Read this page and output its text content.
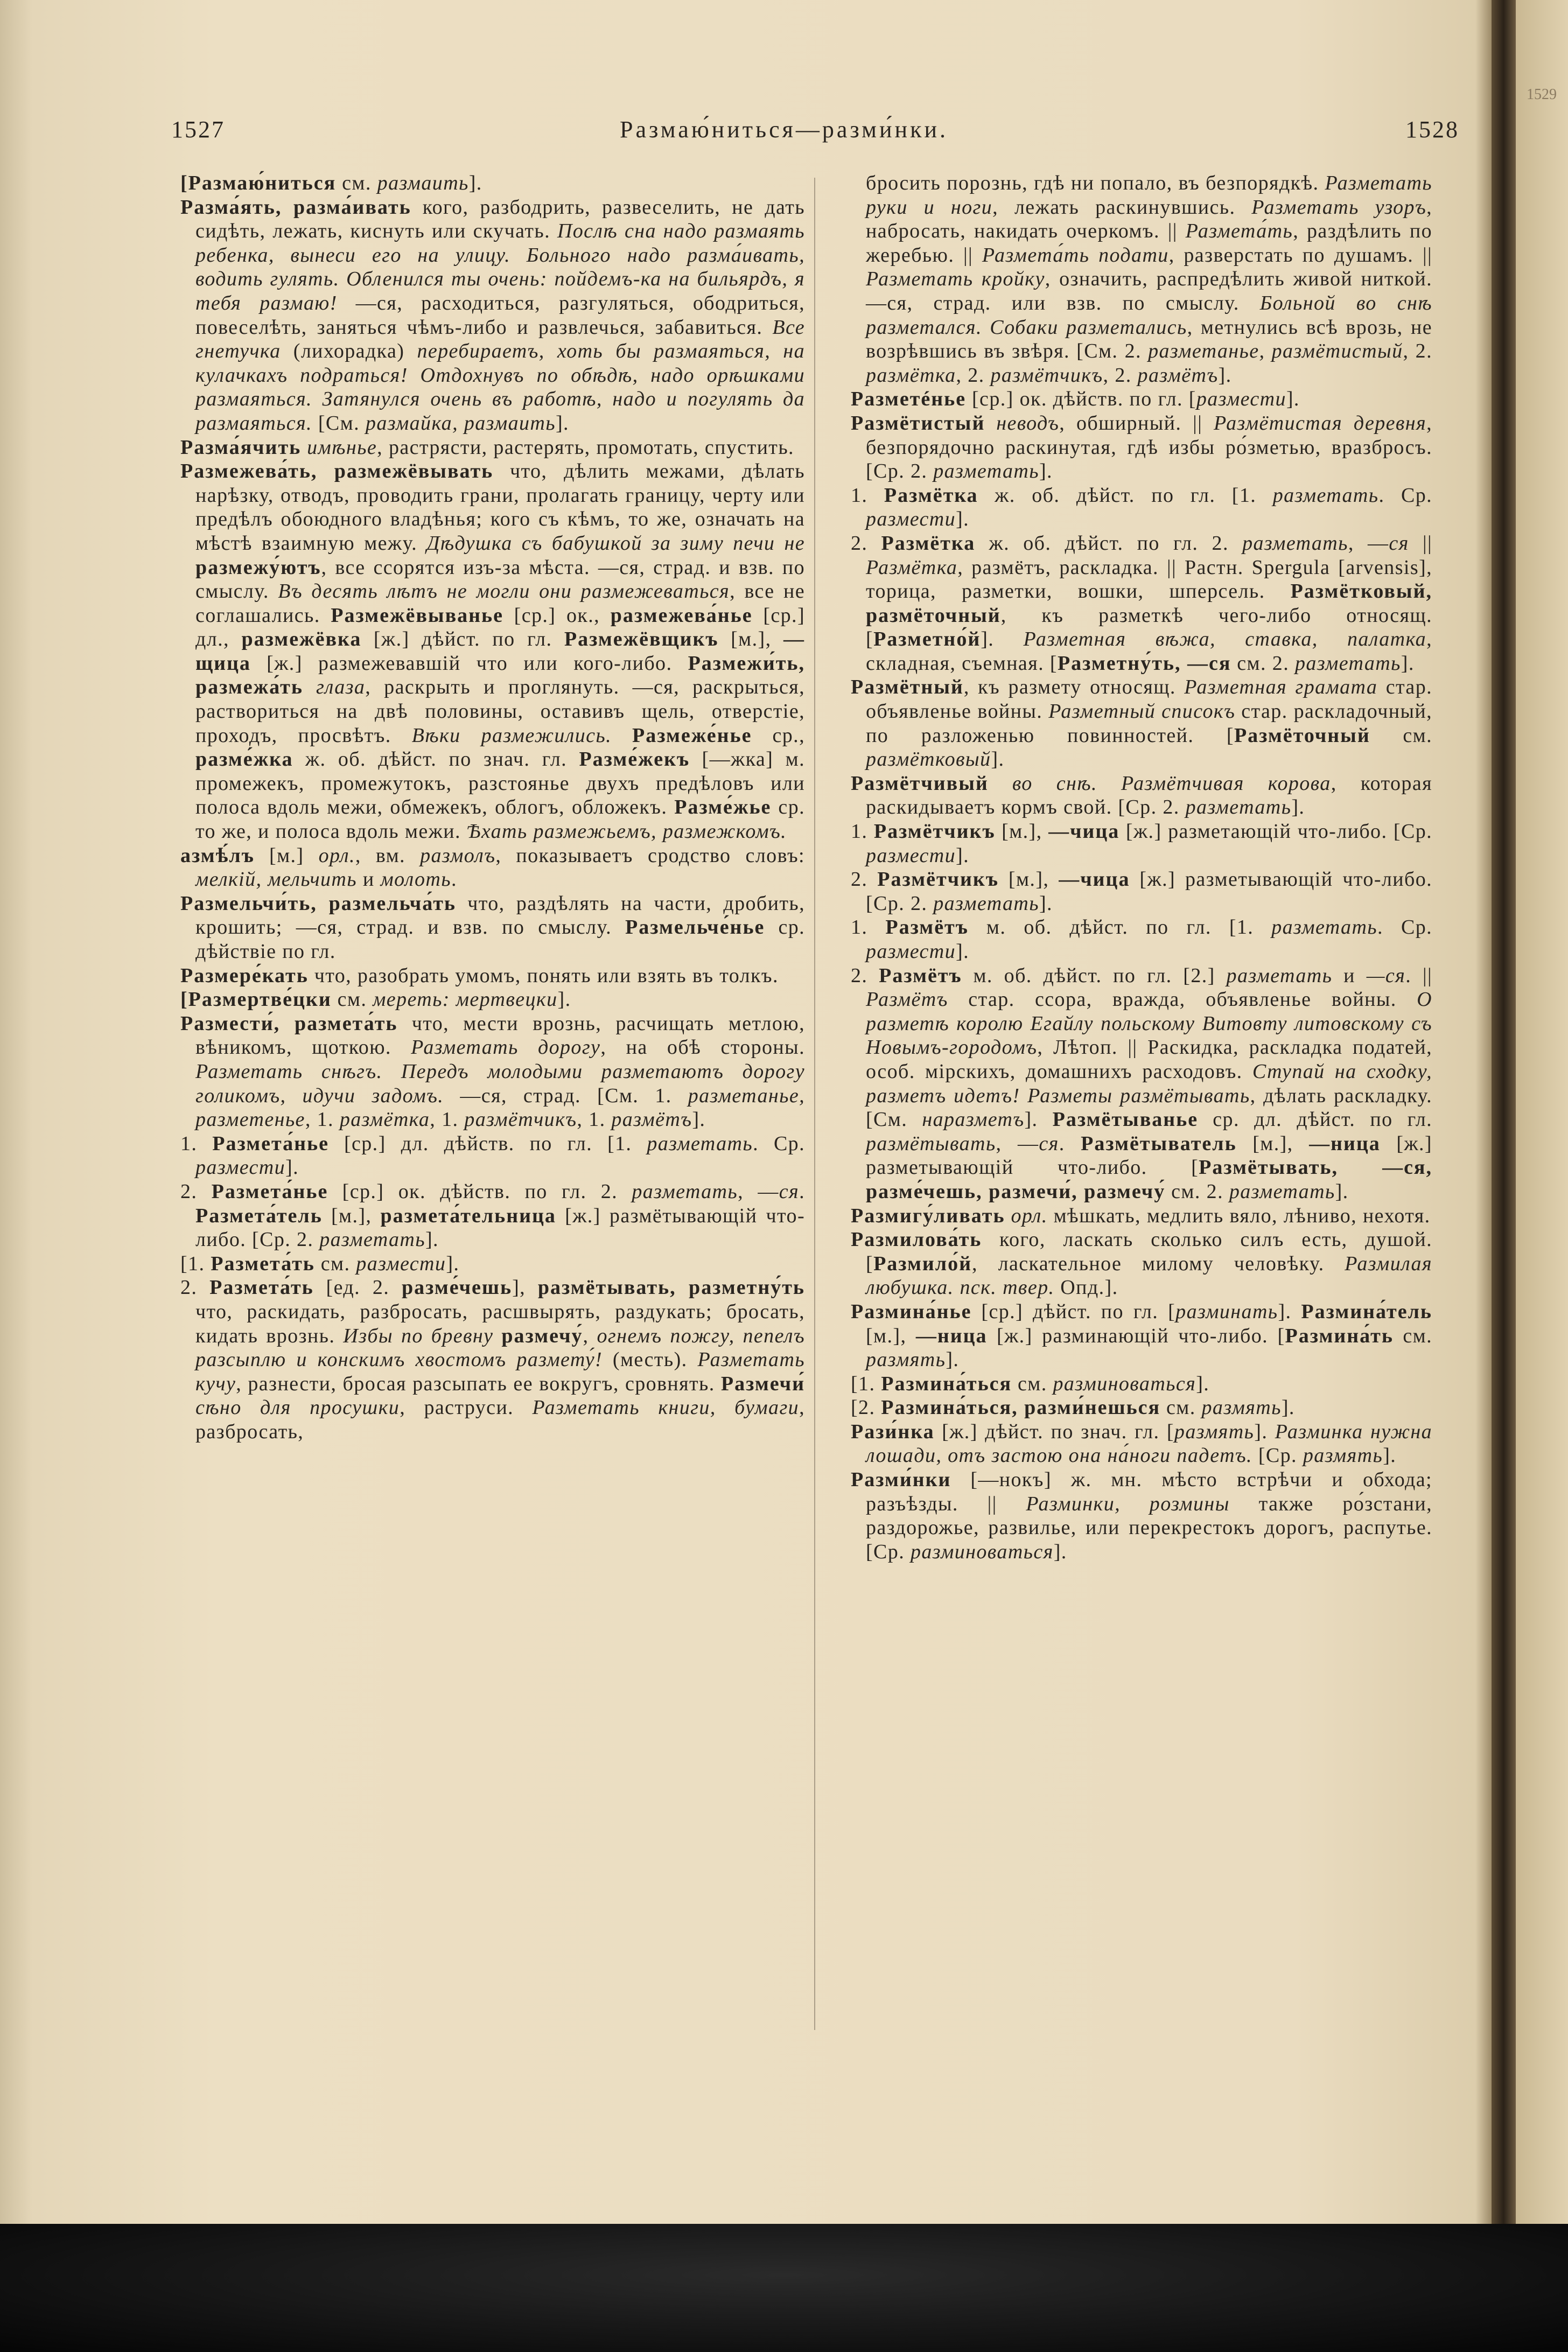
1529
1527	Размаю́ниться—разми́нки.	1528

[Размаю́ниться см. размаить].

Разма́ять, разма́ивать кого, разбодрить, развеселить, не дать сидѣть, лежать, киснуть или скучать. Послѣ сна надо размаять ребенка, вынеси его на улицу. Больного надо разма́ивать, водить гулять. Обленился ты очень: пойдемъ-ка на бильярдъ, я тебя размаю! —ся, расходиться, разгуляться, ободриться, повеселѣть, заняться чѣмъ-либо и развлечься, забавиться. Все гнетучка (лихорадка) перебираетъ, хоть бы размаяться, на кулачкахъ подраться! Отдохнувъ по обѣдѣ, надо орѣшками размаяться. Затянулся очень въ работѣ, надо и погулять да размаяться. [См. размайка, размаить].

Разма́ячить имѣнье, растрясти, растерять, промотать, спустить.

Размежева́ть, размежёвывать что, дѣлить межами, дѣлать нарѣзку, отводъ, проводить грани, пролагать границу, черту или предѣлъ обоюдного владѣнья; кого съ кѣмъ, то же, означать на мѣстѣ взаимную межу. Дѣдушка съ бабушкой за зиму печи не размежу́ютъ, все ссорятся изъ-за мѣста. —ся, страд. и взв. по смыслу. Въ десять лѣтъ не могли они размежеваться, все не соглашались. Размежёвыванье [ср.] ок., размежева́нье [ср.] дл., размежёвка [ж.] дѣйст. по гл. Размежёвщикъ [м.], —щица [ж.] размежевавшій что или кого-либо. Размежи́ть, размежа́ть глаза, раскрыть и проглянуть. —ся, раскрыться, раствориться на двѣ половины, оставивъ щель, отверстіе, проходъ, просвѣтъ. Вѣки размежились. Размеже́нье ср., разме́жка ж. об. дѣйст. по знач. гл. Разме́жекъ [—жка] м. промежекъ, промежутокъ, разстоянье двухъ предѣловъ или полоса вдоль межи, обмежекъ, облогъ, обложекъ. Разме́жье ср. то же, и полоса вдоль межи. Ѣхать размежьемъ, размежкомъ.

азмѣ́лъ [м.] орл., вм. размолъ, показываетъ сродство словъ: мелкій, мельчить и молоть.

Размельчи́ть, размельча́ть что, раздѣлять на части, дробить, крошить; —ся, страд. и взв. по смыслу. Размельче́нье ср. дѣйствіе по гл.

Размере́кать что, разобрать умомъ, понять или взять въ толкъ.

[Размертве́цки см. мереть: мертвецки].

Размести́, размета́ть что, мести врознь, расчищать метлою, вѣникомъ, щоткою. Разметать дорогу, на обѣ стороны. Разметать снѣгъ. Передъ молодыми разметаютъ дорогу голикомъ, идучи задомъ. —ся, страд. [См. 1. разметанье, разметенье, 1. размётка, 1. размётчикъ, 1. размётъ].

1. Размета́нье [ср.] дл. дѣйств. по гл. [1. разметать. Ср. размести].

2. Размета́нье [ср.] ок. дѣйств. по гл. 2. разметать, —ся. Размета́тель [м.], размета́тельница [ж.] размётывающій что-либо. [Ср. 2. разметать].

[1. Размета́ть см. размести].

2. Размета́ть [ед. 2. разме́чешь], размётывать, разметну́ть что, раскидать, разбросать, расшвырять, раздукать; бросать, кидать врознь. Избы по бревну размечу́, огнемъ пожгу, пепелъ разсыплю и конскимъ хвостомъ размету́! (месть). Разметать кучу, разнести, бросая разсыпать ее вокругъ, сровнять. Размечи́ сѣно для просушки, раструси. Разметать книги, бумаги, разбросать,

бросить порознь, гдѣ ни попало, въ безпорядкѣ. Разметать руки и ноги, лежать раскинувшись. Разметать узоръ, набросать, накидать очеркомъ. || Размета́ть, раздѣлить по жеребью. || Размета́ть подати, разверстать по душамъ. || Разметать кройку, означить, распредѣлить живой ниткой. —ся, страд. или взв. по смыслу. Больной во снѣ разметался. Собаки разметались, метнулись всѣ врозь, не возрѣвшись въ звѣря. [См. 2. разметанье, размётистый, 2. размётка, 2. размётчикъ, 2. размётъ].

Разметéнье [ср.] ок. дѣйств. по гл. [размести].

Размётистый неводъ, обширный. || Размётистая деревня, безпорядочно раскинутая, гдѣ избы ро́зметью, вразбросъ. [Ср. 2. разметать].

1. Размётка ж. об. дѣйст. по гл. [1. разметать. Ср. размести].

2. Размётка ж. об. дѣйст. по гл. 2. разметать, —ся || Размётка, размётъ, раскладка. || Растн. Spergula [arvensis], торица, разметки, вошки, шперсель. Размётковый, размёточный, къ разметкѣ чего-либо относящ. [Разметно́й]. Разметная вѣжа, ставка, палатка, складная, съемная. [Разметну́ть, —ся см. 2. разметать].

Размётный, къ размету относящ. Разметная грамата стар. объявленье войны. Разметный списокъ стар. раскладочный, по разложенью повинностей. [Размёточный см. размётковый].

Размётчивый во снѣ. Размётчивая корова, которая раскидываетъ кормъ свой. [Ср. 2. разметать].

1. Размётчикъ [м.], —чица [ж.] разметающій что-либо. [Ср. размести].

2. Размётчикъ [м.], —чица [ж.] разметывающій что-либо. [Ср. 2. разметать].

1. Размётъ м. об. дѣйст. по гл. [1. разметать. Ср. размести].

2. Размётъ м. об. дѣйст. по гл. [2.] разметать и —ся. || Размётъ стар. ссора, вражда, объявленье войны. О разметѣ королю Егайлу польскому Витовту литовскому съ Новымъ-городомъ, Лѣтоп. || Раскидка, раскладка податей, особ. мірскихъ, домашнихъ расходовъ. Ступай на сходку, разметъ идетъ! Разметы размётывать, дѣлать раскладку. [См. наразметъ]. Размётыванье ср. дл. дѣйст. по гл. размётывать, —ся. Размётыватель [м.], —ница [ж.] разметывающій что-либо. [Размётывать, —ся, разме́чешь, размечи́, размечу́ см. 2. разметать].

Размигу́ливать орл. мѣшкать, медлить вяло, лѣниво, нехотя.

Размилова́ть кого, ласкать сколько силъ есть, душой. [Размило́й, ласкательное милому человѣку. Размилая любушка. пск. твер. Опд.].

Размина́нье [ср.] дѣйст. по гл. [разминать]. Размина́тель [м.], —ница [ж.] разминающій что-либо. [Размина́ть см. размять].

[1. Размина́ться см. разминоваться].

[2. Размина́ться, разми́нешься см. размять].

Рази́нка [ж.] дѣйст. по знач. гл. [размять]. Разминка нужна лошади, отъ застою она на́ноги падетъ. [Ср. размять].

Разми́нки [—нокъ] ж. мн. мѣсто встрѣчи и обхода; разъѣзды. || Разминки, розмины также ро́зстани, раздорожье, развилье, или перекрестокъ дорогъ, распутье. [Ср. разминоваться].
